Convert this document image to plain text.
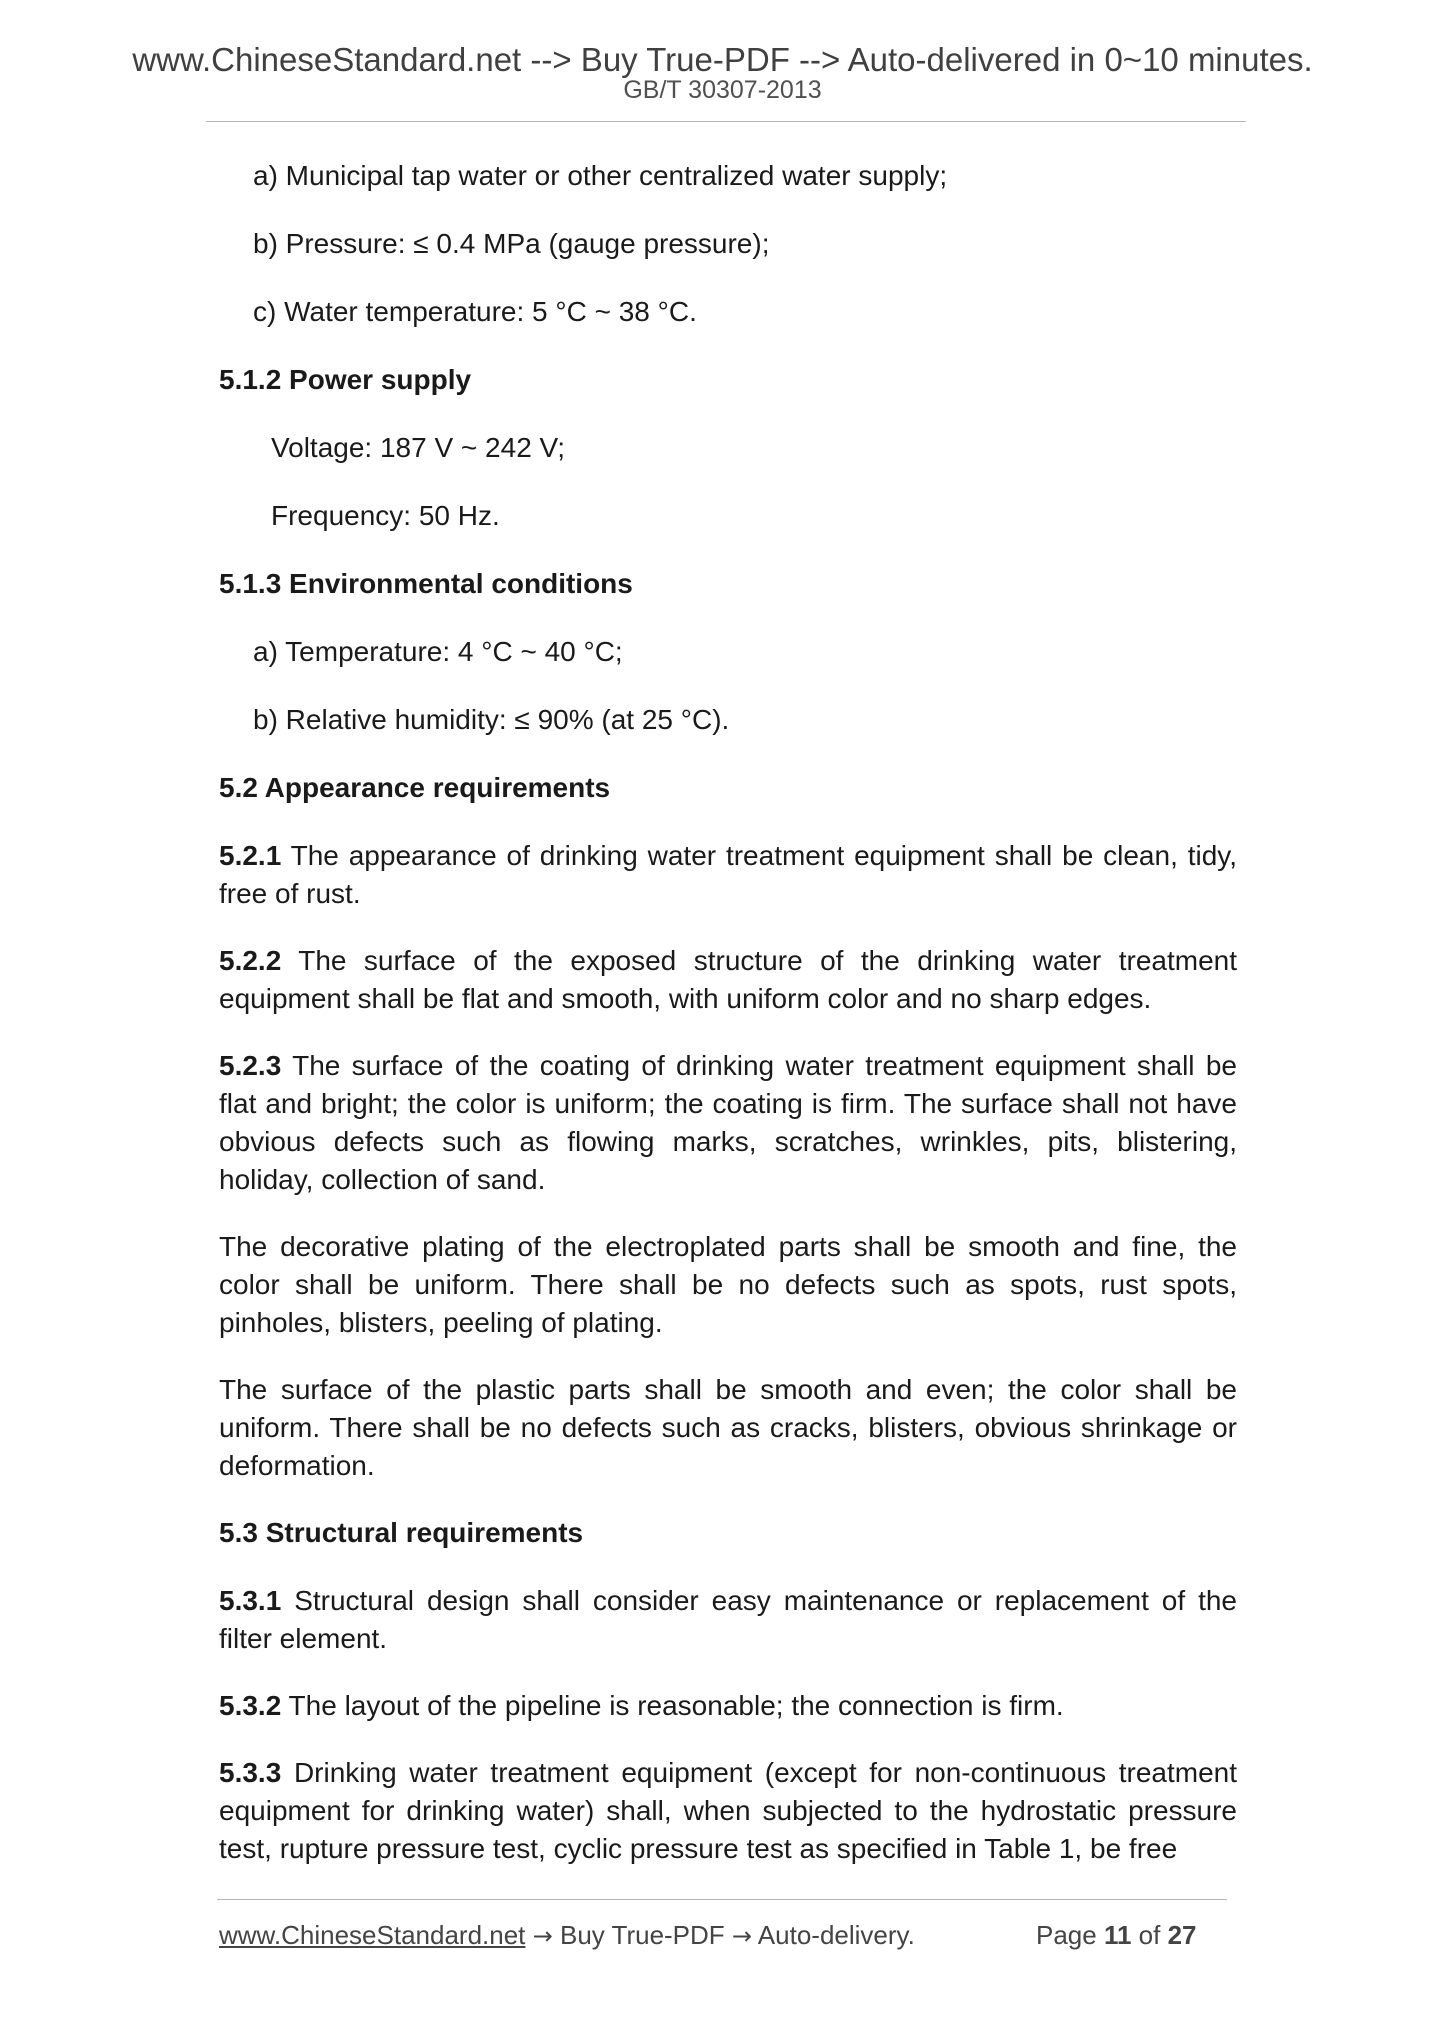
www.ChineseStandard.net --> Buy True-PDF --> Auto-delivered in 0~10 minutes.
GB/T 30307-2013

a) Municipal tap water or other centralized water supply;

b) Pressure: ≤ 0.4 MPa (gauge pressure);

c) Water temperature: 5 °C ~ 38 °C.

5.1.2 Power supply

Voltage: 187 V ~ 242 V;

Frequency: 50 Hz.

5.1.3 Environmental conditions

a) Temperature: 4 °C ~ 40 °C;

b) Relative humidity: ≤ 90% (at 25 °C).

5.2 Appearance requirements

5.2.1 The appearance of drinking water treatment equipment shall be clean, tidy, free of rust.

5.2.2 The surface of the exposed structure of the drinking water treatment equipment shall be flat and smooth, with uniform color and no sharp edges.

5.2.3 The surface of the coating of drinking water treatment equipment shall be flat and bright; the color is uniform; the coating is firm. The surface shall not have obvious defects such as flowing marks, scratches, wrinkles, pits, blistering, holiday, collection of sand.

The decorative plating of the electroplated parts shall be smooth and fine, the color shall be uniform. There shall be no defects such as spots, rust spots, pinholes, blisters, peeling of plating.

The surface of the plastic parts shall be smooth and even; the color shall be uniform. There shall be no defects such as cracks, blisters, obvious shrinkage or deformation.

5.3 Structural requirements

5.3.1 Structural design shall consider easy maintenance or replacement of the filter element.

5.3.2 The layout of the pipeline is reasonable; the connection is firm.

5.3.3 Drinking water treatment equipment (except for non-continuous treatment equipment for drinking water) shall, when subjected to the hydrostatic pressure test, rupture pressure test, cyclic pressure test as specified in Table 1, be free

www.ChineseStandard.net → Buy True-PDF → Auto-delivery.	Page 11 of 27
